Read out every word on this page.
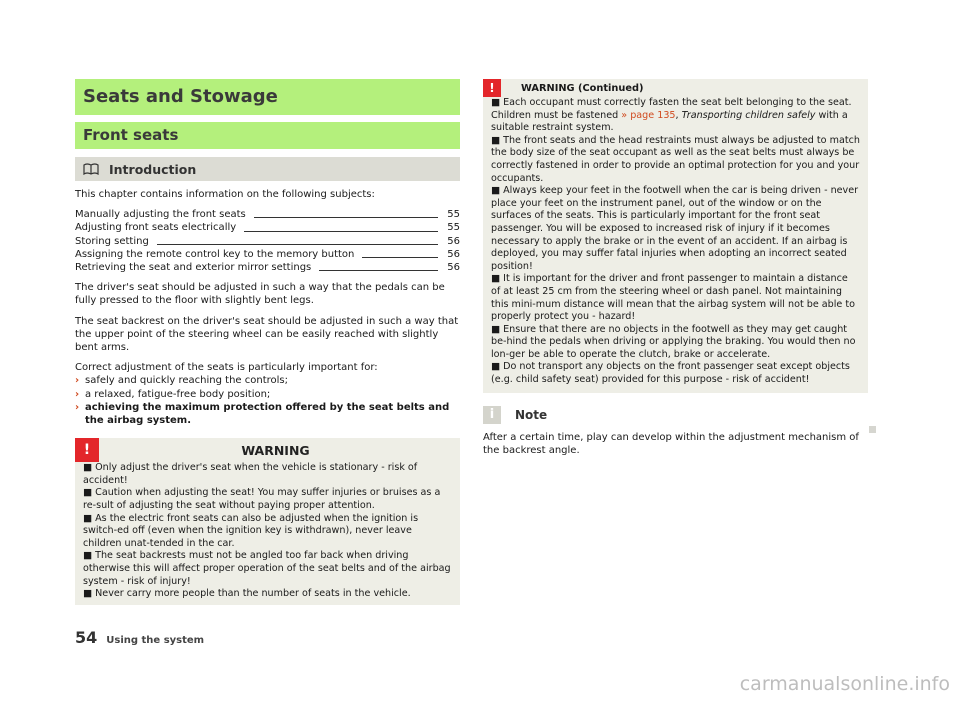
Seats and Stowage
Front seats
Introduction

This chapter contains information on the following subjects:

Manually adjusting the front seats	55
Adjusting front seats electrically	55
Storing setting	56
Assigning the remote control key to the memory button	56
Retrieving the seat and exterior mirror settings	56

The driver's seat should be adjusted in such a way that the pedals can be fully pressed to the floor with slightly bent legs.

The seat backrest on the driver's seat should be adjusted in such a way that the upper point of the steering wheel can be easily reached with slightly bent arms.

Correct adjustment of the seats is particularly important for:

› safely and quickly reaching the controls;
› a relaxed, fatigue-free body position;
› achieving the maximum protection offered by the seat belts and the airbag system.
!	WARNING

■ Only adjust the driver's seat when the vehicle is stationary - risk of accident!

■ Caution when adjusting the seat! You may suffer injuries or bruises as a re-sult of adjusting the seat without paying proper attention.

■ As the electric front seats can also be adjusted when the ignition is switch-ed off (even when the ignition key is withdrawn), never leave children unat-tended in the car.

■ The seat backrests must not be angled too far back when driving otherwise this will affect proper operation of the seat belts and of the airbag system - risk of injury!

■ Never carry more people than the number of seats in the vehicle.

!	WARNING (Continued)

■ Each occupant must correctly fasten the seat belt belonging to the seat. Children must be fastened » page 135, Transporting children safely with a suitable restraint system.

■ The front seats and the head restraints must always be adjusted to match the body size of the seat occupant as well as the seat belts must always be correctly fastened in order to provide an optimal protection for you and your occupants.

■ Always keep your feet in the footwell when the car is being driven - never place your feet on the instrument panel, out of the window or on the surfaces of the seats. This is particularly important for the front seat passenger. You will be exposed to increased risk of injury if it becomes necessary to apply the brake or in the event of an accident. If an airbag is deployed, you may suffer fatal injuries when adopting an incorrect seated position!

■ It is important for the driver and front passenger to maintain a distance of at least 25 cm from the steering wheel or dash panel. Not maintaining this mini-mum distance will mean that the airbag system will not be able to properly protect you - hazard!

■ Ensure that there are no objects in the footwell as they may get caught be-hind the pedals when driving or applying the braking. You would then no lon-ger be able to operate the clutch, brake or accelerate.

■ Do not transport any objects on the front passenger seat except objects (e.g. child safety seat) provided for this purpose - risk of accident!

i	Note

After a certain time, play can develop within the adjustment mechanism of the backrest angle.

54 Using the system
carmanualsonline.info
